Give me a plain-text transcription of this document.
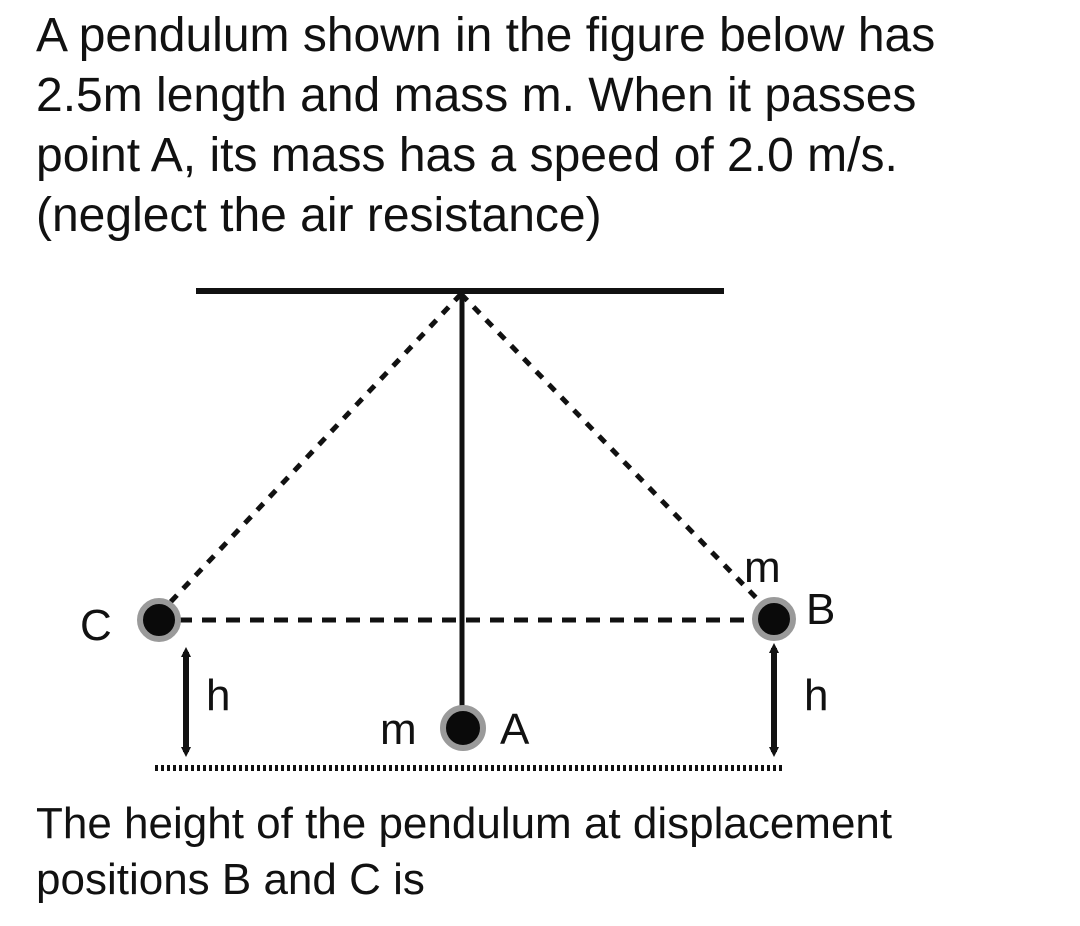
A pendulum shown in the figure below has
2.5m length and mass m. When it passes
point A, its mass has a speed of 2.0 m/s.
(neglect the air resistance)
C	B
A
m
m
h	h
The height of the pendulum at displacement
positions B and C is
